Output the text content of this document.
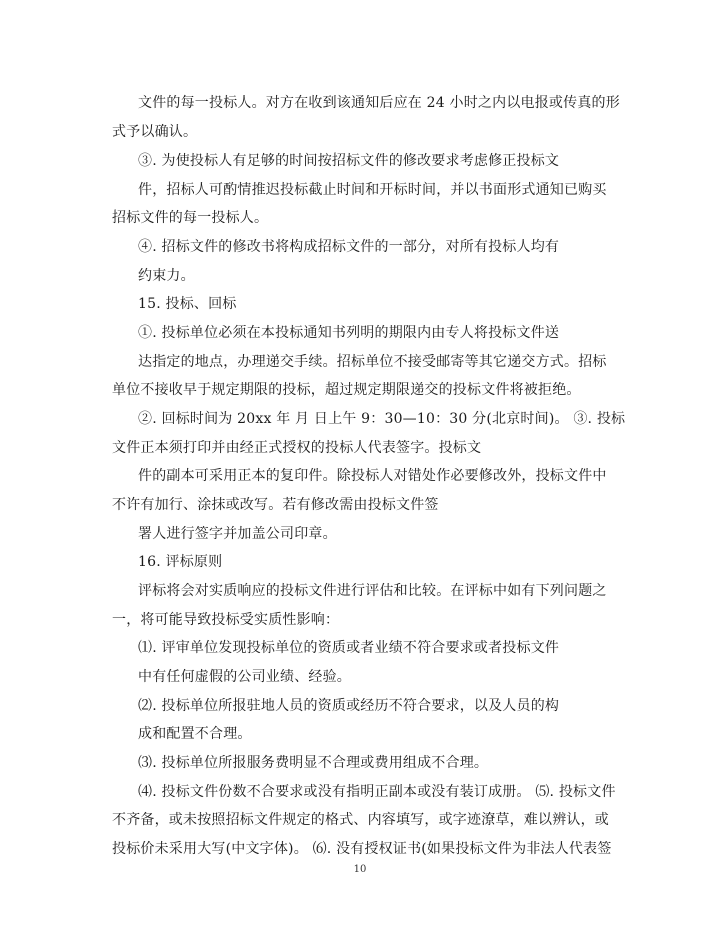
文件的每一投标人。对方在收到该通知后应在 24 小时之内以电报或传真的形
式予以确认。
③. 为使投标人有足够的时间按招标文件的修改要求考虑修正投标文
件，招标人可酌情推迟投标截止时间和开标时间，并以书面形式通知已购买
招标文件的每一投标人。
④. 招标文件的修改书将构成招标文件的一部分，对所有投标人均有
约束力。
15. 投标、回标
①. 投标单位必须在本投标通知书列明的期限内由专人将投标文件送
达指定的地点，办理递交手续。招标单位不接受邮寄等其它递交方式。招标
单位不接收早于规定期限的投标，超过规定期限递交的投标文件将被拒绝。
②. 回标时间为 20xx 年 月 日上午 9：30—10：30 分(北京时间)。 ③. 投标
文件正本须打印并由经正式授权的投标人代表签字。投标文
件的副本可采用正本的复印件。除投标人对错处作必要修改外，投标文件中
不许有加行、涂抹或改写。若有修改需由投标文件签
署人进行签字并加盖公司印章。
16. 评标原则
评标将会对实质响应的投标文件进行评估和比较。在评标中如有下列问题之
一，将可能导致投标受实质性影响：
⑴. 评审单位发现投标单位的资质或者业绩不符合要求或者投标文件
中有任何虚假的公司业绩、经验。
⑵. 投标单位所报驻地人员的资质或经历不符合要求，以及人员的构
成和配置不合理。
⑶. 投标单位所报服务费明显不合理或费用组成不合理。
⑷. 投标文件份数不合要求或没有指明正副本或没有装订成册。 ⑸. 投标文件
不齐备，或未按照招标文件规定的格式、内容填写，或字迹潦草，难以辨认，或
投标价未采用大写(中文字体)。 ⑹. 没有授权证书(如果投标文件为非法人代表签
10
